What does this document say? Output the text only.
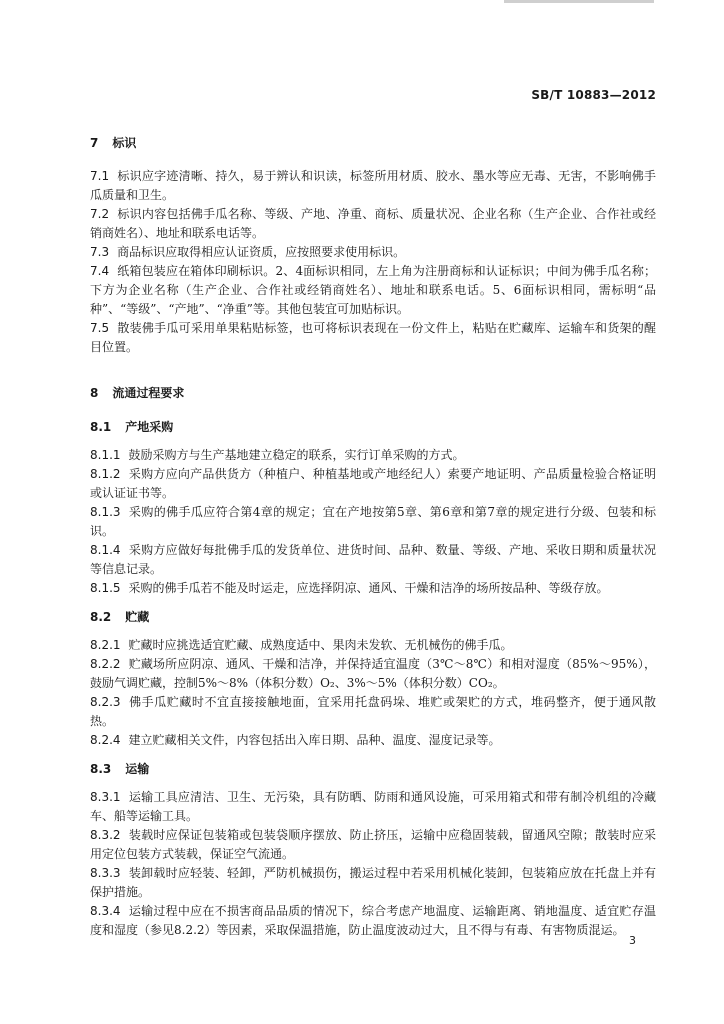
SB/T 10883—2012
7 标识

7.1 标识应字迹清晰、持久，易于辨认和识读，标签所用材质、胶水、墨水等应无毒、无害，不影响佛手瓜质量和卫生。

7.2 标识内容包括佛手瓜名称、等级、产地、净重、商标、质量状况、企业名称（生产企业、合作社或经销商姓名）、地址和联系电话等。

7.3 商品标识应取得相应认证资质，应按照要求使用标识。

7.4 纸箱包装应在箱体印刷标识。2、4面标识相同，左上角为注册商标和认证标识；中间为佛手瓜名称；下方为企业名称（生产企业、合作社或经销商姓名）、地址和联系电话。5、6面标识相同，需标明“品种”、“等级”、“产地”、“净重”等。其他包装宜可加贴标识。

7.5 散装佛手瓜可采用单果粘贴标签，也可将标识表现在一份文件上，粘贴在贮藏库、运输车和货架的醒目位置。

8 流通过程要求
8.1 产地采购

8.1.1 鼓励采购方与生产基地建立稳定的联系，实行订单采购的方式。

8.1.2 采购方应向产品供货方（种植户、种植基地或产地经纪人）索要产地证明、产品质量检验合格证明或认证证书等。

8.1.3 采购的佛手瓜应符合第4章的规定；宜在产地按第5章、第6章和第7章的规定进行分级、包装和标识。

8.1.4 采购方应做好每批佛手瓜的发货单位、进货时间、品种、数量、等级、产地、采收日期和质量状况等信息记录。

8.1.5 采购的佛手瓜若不能及时运走，应选择阴凉、通风、干燥和洁净的场所按品种、等级存放。

8.2 贮藏

8.2.1 贮藏时应挑选适宜贮藏、成熟度适中、果肉未发软、无机械伤的佛手瓜。

8.2.2 贮藏场所应阴凉、通风、干燥和洁净，并保持适宜温度（3℃～8℃）和相对湿度（85%～95%），鼓励气调贮藏，控制5%～8%（体积分数）O₂、3%～5%（体积分数）CO₂。

8.2.3 佛手瓜贮藏时不宜直接接触地面，宜采用托盘码垛、堆贮或架贮的方式，堆码整齐，便于通风散热。

8.2.4 建立贮藏相关文件，内容包括出入库日期、品种、温度、湿度记录等。

8.3 运输

8.3.1 运输工具应清洁、卫生、无污染，具有防晒、防雨和通风设施，可采用箱式和带有制冷机组的冷藏车、船等运输工具。

8.3.2 装载时应保证包装箱或包装袋顺序摆放、防止挤压，运输中应稳固装载，留通风空隙；散装时应采用定位包装方式装载，保证空气流通。

8.3.3 装卸载时应轻装、轻卸，严防机械损伤，搬运过程中若采用机械化装卸，包装箱应放在托盘上并有保护措施。

8.3.4 运输过程中应在不损害商品品质的情况下，综合考虑产地温度、运输距离、销地温度、适宜贮存温度和湿度（参见8.2.2）等因素，采取保温措施，防止温度波动过大，且不得与有毒、有害物质混运。

3
